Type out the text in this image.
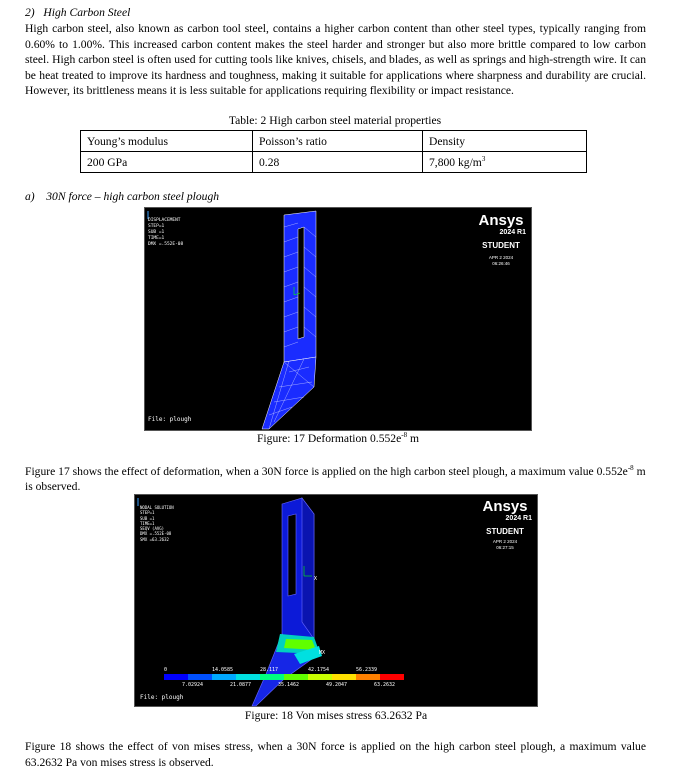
2) High Carbon Steel
High carbon steel, also known as carbon tool steel, contains a higher carbon content than other steel types, typically ranging from 0.60% to 1.00%. This increased carbon content makes the steel harder and stronger but also more brittle compared to low carbon steel. High carbon steel is often used for cutting tools like knives, chisels, and blades, as well as springs and high-strength wire. It can be heat treated to improve its hardness and toughness, making it suitable for applications where sharpness and durability are crucial. However, its brittleness means it is less suitable for applications requiring flexibility or impact resistance.
Table: 2 High carbon steel material properties
Young’s modulus	Poisson’s ratio	Density
200 GPa	0.28	7,800 $kg/m^3$
a)    30N force – high carbon steel plough
DISPLACEMENT
STEP=1
SUB =1
TIME=1
DMX =.552E-08
Ansys
2024 R1
STUDENT
APR 2 2024
06:26:46
File: plough
Figure: 17 Deformation $0.552e^{-8}$ m
Figure 17 shows the effect of deformation, when a 30N force is applied on the high carbon steel plough, a maximum value $0.552e^{-8}$ m is observed.
X
MX
NODAL SOLUTION
STEP=1
SUB =1
TIME=1
SEQV (AVG)
DMX =.552E-08
SMX =63.2632
Ansys
2024 R1
STUDENT
APR 2 2024
06:27:15
0	14.0585	28.117	42.1754	56.2339
7.02924	21.0877	35.1462	49.2047	63.2632
File: plough
Figure: 18 Von mises stress 63.2632 Pa
Figure 18 shows the effect of von mises stress, when a 30N force is applied on the high carbon steel plough, a maximum value 63.2632 Pa von mises stress is observed.
